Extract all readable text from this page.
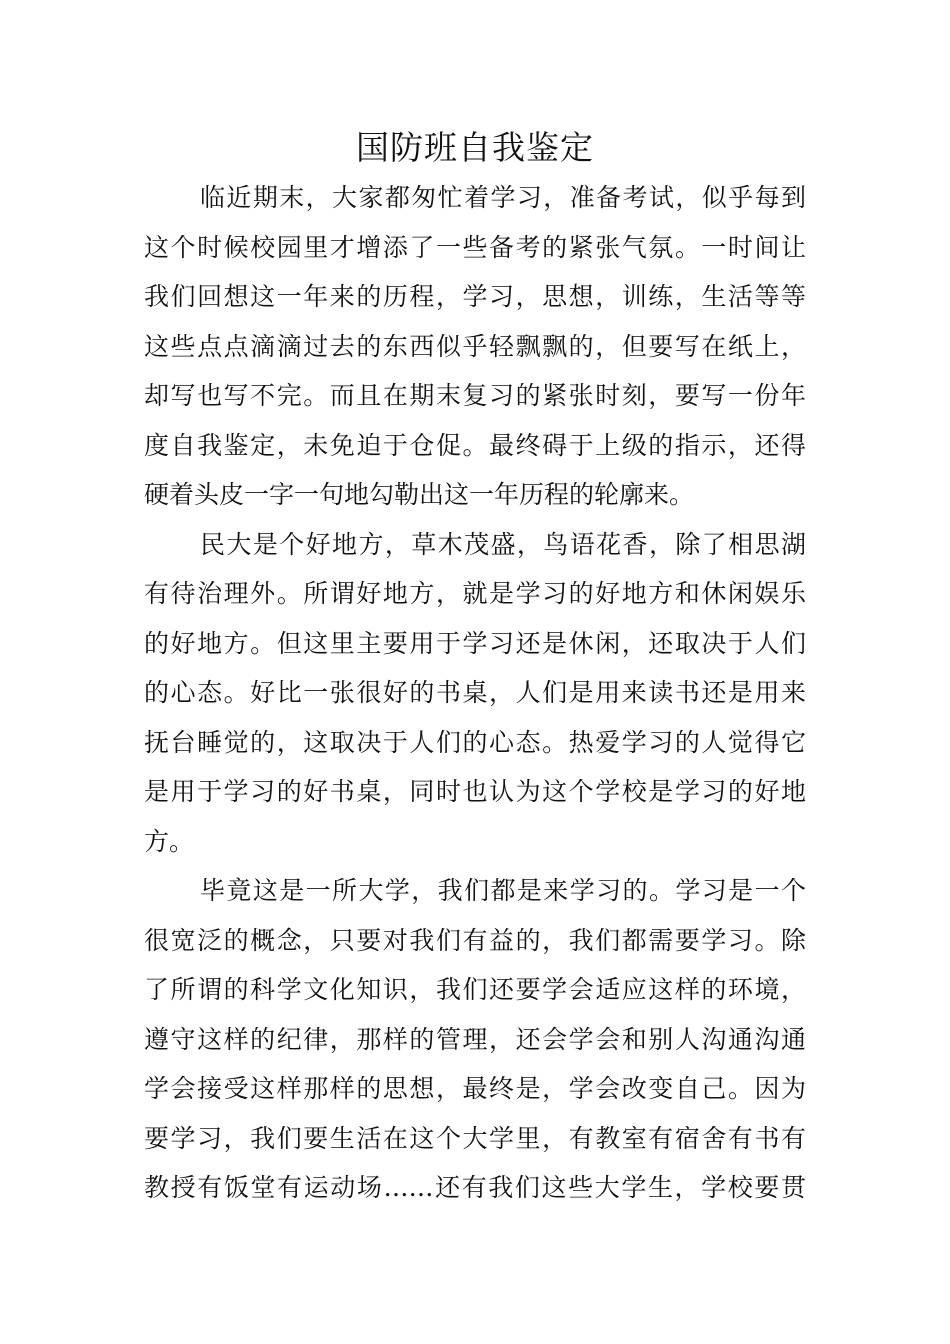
国防班自我鉴定
临近期末，大家都匆忙着学习，准备考试，似乎每到
这个时候校园里才增添了一些备考的紧张气氛。一时间让
我们回想这一年来的历程，学习，思想，训练，生活等等
这些点点滴滴过去的东西似乎轻飘飘的，但要写在纸上，
却写也写不完。而且在期末复习的紧张时刻，要写一份年
度自我鉴定，未免迫于仓促。最终碍于上级的指示，还得
硬着头皮一字一句地勾勒出这一年历程的轮廓来。
民大是个好地方，草木茂盛，鸟语花香，除了相思湖
有待治理外。所谓好地方，就是学习的好地方和休闲娱乐
的好地方。但这里主要用于学习还是休闲，还取决于人们
的心态。好比一张很好的书桌，人们是用来读书还是用来
抚台睡觉的，这取决于人们的心态。热爱学习的人觉得它
是用于学习的好书桌，同时也认为这个学校是学习的好地
方。
毕竟这是一所大学，我们都是来学习的。学习是一个
很宽泛的概念，只要对我们有益的，我们都需要学习。除
了所谓的科学文化知识，我们还要学会适应这样的环境，
遵守这样的纪律，那样的管理，还会学会和别人沟通沟通
学会接受这样那样的思想，最终是，学会改变自己。因为
要学习，我们要生活在这个大学里，有教室有宿舍有书有
教授有饭堂有运动场……还有我们这些大学生，学校要贯
